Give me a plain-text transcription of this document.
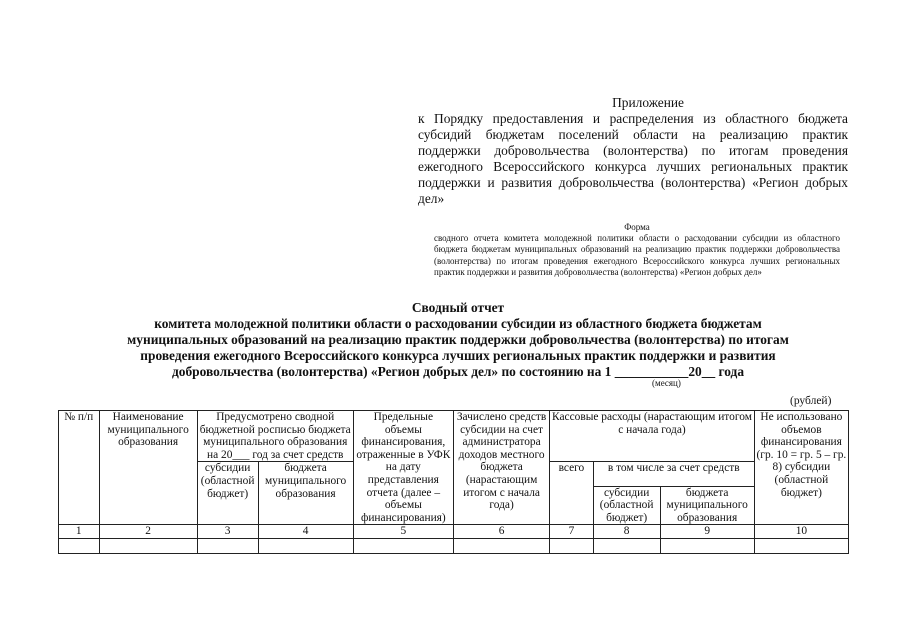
Приложение
к Порядку предоставления и распределения из областного бюджета субсидий бюджетам поселений области на реализацию практик поддержки добровольчества (волонтерства) по итогам проведения ежегодного Всероссийского конкурса лучших региональных практик поддержки и развития добровольчества (волонтерства) «Регион добрых дел»
Форма
сводного отчета комитета молодежной политики области о расходовании субсидии из областного бюджета бюджетам муниципальных образований на реализацию практик поддержки добровольчества (волонтерства) по итогам проведения ежегодного Всероссийского конкурса лучших региональных практик поддержки и развития добровольчества (волонтерства) «Регион добрых дел»
Сводный отчет
комитета молодежной политики области о расходовании субсидии из областного бюджета бюджетам
муниципальных образований на реализацию практик поддержки добровольчества (волонтерства) по итогам
проведения ежегодного Всероссийского конкурса лучших региональных практик поддержки и развития
добровольчества (волонтерства) «Регион добрых дел» по состоянию на 1 ___________20__ года
(месяц)
(рублей)
№ п/п	Наименование муниципального образования	Предусмотрено сводной бюджетной росписью бюджета муниципального образования на 20___ год за счет средств		Предельные объемы финансирования, отраженные в УФК на дату представления отчета (далее – объемы финансирования)	Зачислено средств субсидии на счет администратора доходов местного бюджета (нарастающим итогом с начала года)	Кассовые расходы (нарастающим итогом с начала года)			Не использовано объемов финансирования (гр. 10 = гр. 5 – гр. 8) субсидии (областной бюджет)
		субсидии (областной бюджет)	бюджета муниципального образования			всего	в том числе за счет средств		
							субсидии (областной бюджет)	бюджета муниципального образования	
1	2	3	4	5	6	7	8	9	10
